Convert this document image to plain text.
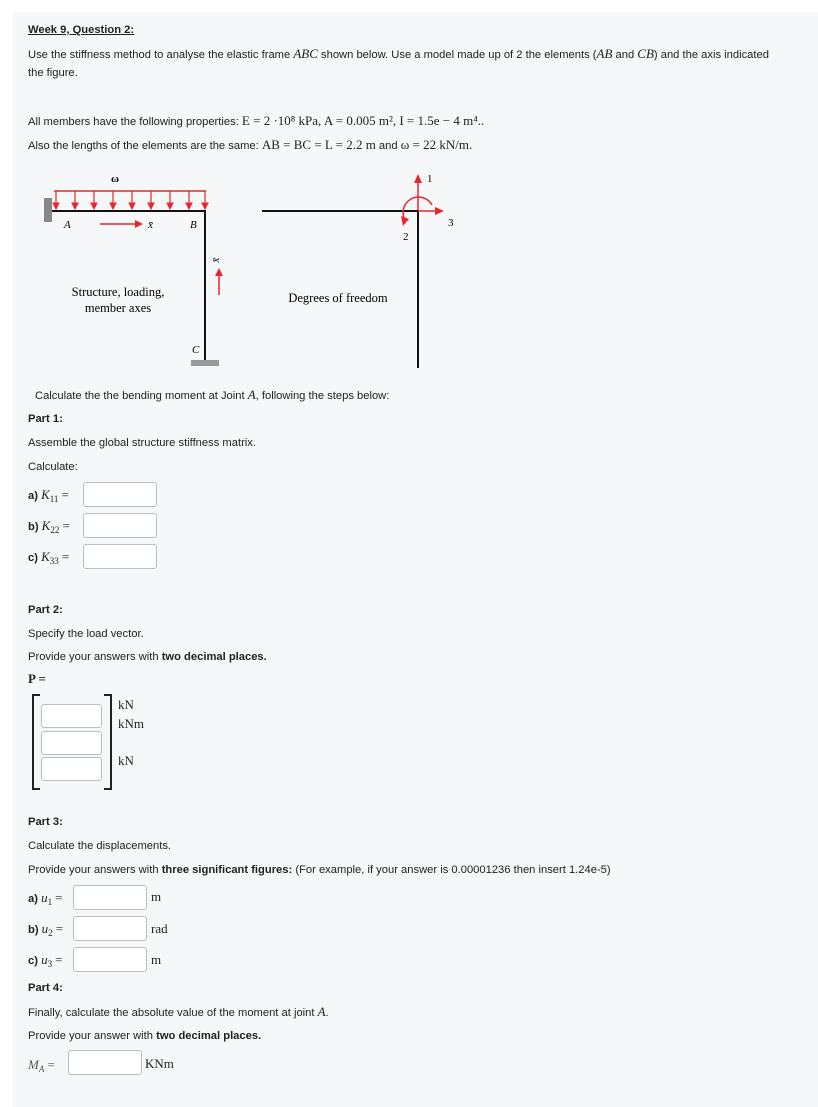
Week 9, Question 2:
Use the stiffness method to analyse the elastic frame ABC shown below. Use a model made up of 2 the elements (AB and CB) and the axis indicated
the figure.
All members have the following properties: E = 2 ·10⁸ kPa, A = 0.005 m², I = 1.5e − 4 m⁴..
Also the lengths of the elements are the same: AB = BC = L = 2.2 m and ω = 22 kN/m.
ω
A	B
C
x̄
x̄
Structure, loading,
member axes
1
3
2
Degrees of freedom
Calculate the the bending moment at Joint A, following the steps below:
Part 1:
Assemble the global structure stiffness matrix.
Calculate:
a) $K_{11}$ =
b) $K_{22}$ =
c) $K_{33}$ =
Part 2:
Specify the load vector.
Provide your answers with two decimal places.
P =
kN
kNm
kN
Part 3:
Calculate the displacements.
Provide your answers with three significant figures: (For example, if your answer is 0.00001236 then insert 1.24e-5)
a) $u_1$ =	m
b) $u_2$ =	rad
c) $u_3$ =	m
Part 4:
Finally, calculate the absolute value of the moment at joint A.
Provide your answer with two decimal places.
$M_A$ =	KNm
